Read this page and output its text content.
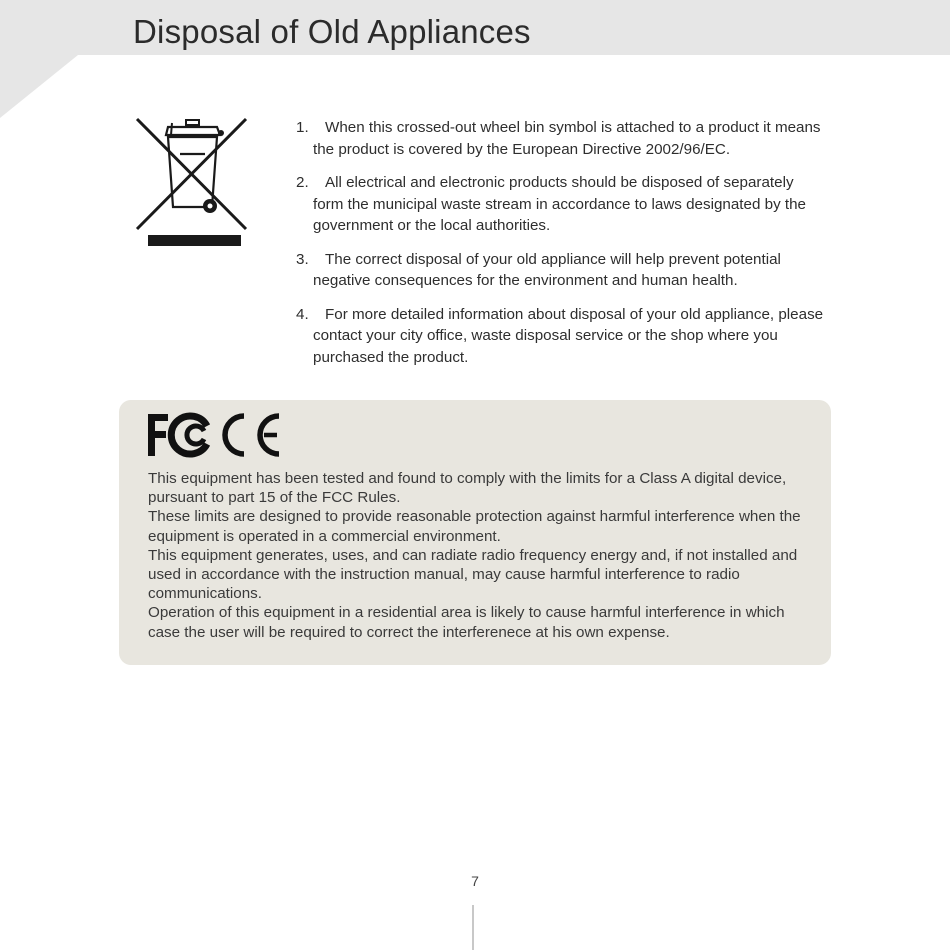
Disposal of Old Appliances
1.	When this crossed-out wheel bin symbol is attached to a product it means the product is covered by the European Directive 2002/96/EC.
2.	All electrical and electronic products should be disposed of separately form the municipal waste stream in accordance to laws designated by the government or the local authorities.
3.	The correct disposal of your old appliance will help prevent potential negative consequences for the environment and human health.
4.	For more detailed information about disposal of your old appliance, please contact your city office, waste disposal service or the shop where you purchased the product.

This equipment has been tested and found to comply with the limits for a Class A digital device, pursuant to part 15 of the FCC Rules.

These limits are designed to provide reasonable protection against harmful interference when the equipment is operated in a commercial environment.

This equipment generates, uses, and can radiate radio frequency energy and, if not installed and used in accordance with the instruction manual, may cause harmful interference to radio communications.

Operation of this equipment in a residential area is likely to cause harmful interference in which case the user will be required to correct the interferenece at his own expense.

7
